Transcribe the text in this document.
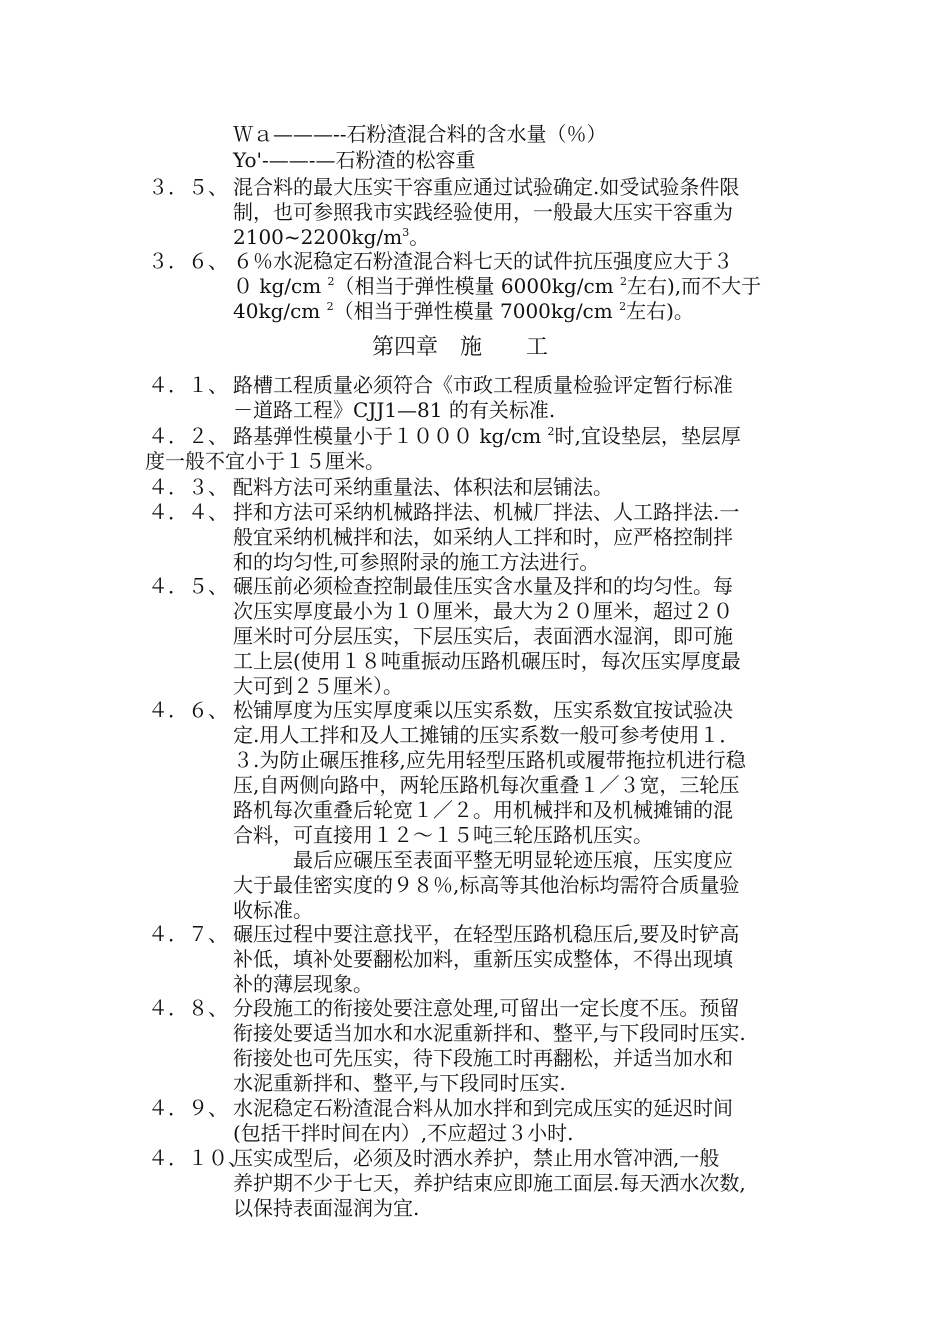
Ｗａ———--石粉渣混合料的含水量（％）
Yo'-——-—石粉渣的松容重
３．５、 混合料的最大压实干容重应通过试验确定.如受试验条件限
制，也可参照我市实践经验使用，一般最大压实干容重为
$2100\sim 2200kg/m^3$。
３．６、 ６％水泥稳定石粉渣混合料七天的试件抗压强度应大于３
０ kg/cm $^2$（相当于弹性模量 6000kg/cm $^2$左右),而不大于
40kg/cm $^2$（相当于弹性模量 7000kg/cm $^2$左右)。
４．１、 路槽工程质量必须符合《市政工程质量检验评定暂行标准
－道路工程》CJJ1—81 的有关标准.
４．２、 路基弹性模量小于１０００ kg/cm $^2$时,宜设垫层，垫层厚
度一般不宜小于１５厘米。
４．３、 配料方法可采纳重量法、体积法和层铺法。
４．４、 拌和方法可采纳机械路拌法、机械厂拌法、人工路拌法.一
般宜采纳机械拌和法，如采纳人工拌和时，应严格控制拌
和的均匀性,可参照附录的施工方法进行。
４．５、 碾压前必须检查控制最佳压实含水量及拌和的均匀性。每
次压实厚度最小为１０厘米，最大为２０厘米，超过２０
厘米时可分层压实，下层压实后，表面洒水湿润，即可施
工上层(使用１８吨重振动压路机碾压时，每次压实厚度最
大可到２５厘米）。
４．６、 松铺厚度为压实厚度乘以压实系数，压实系数宜按试验决
定.用人工拌和及人工摊铺的压实系数一般可参考使用１．
３.为防止碾压推移,应先用轻型压路机或履带拖拉机进行稳
压,自两侧向路中，两轮压路机每次重叠１／３宽，三轮压
路机每次重叠后轮宽１／２。用机械拌和及机械摊铺的混
合料，可直接用１２～１５吨三轮压路机压实。
　　　最后应碾压至表面平整无明显轮迹压痕，压实度应
大于最佳密实度的９８％,标高等其他治标均需符合质量验
收标准。
４．７、 碾压过程中要注意找平，在轻型压路机稳压后,要及时铲高
补低，填补处要翻松加料，重新压实成整体，不得出现填
补的薄层现象。
４．８、 分段施工的衔接处要注意处理,可留出一定长度不压。预留
衔接处要适当加水和水泥重新拌和、整平,与下段同时压实.
衔接处也可先压实，待下段施工时再翻松，并适当加水和
水泥重新拌和、整平,与下段同时压实.
４．９、 水泥稳定石粉渣混合料从加水拌和到完成压实的延迟时间
(包括干拌时间在内）,不应超过３小时.
４．１０、
压实成型后，必须及时洒水养护，禁止用水管冲洒,一般
养护期不少于七天，养护结束应即施工面层.每天洒水次数,
以保持表面湿润为宜.
第四章　施　　工
